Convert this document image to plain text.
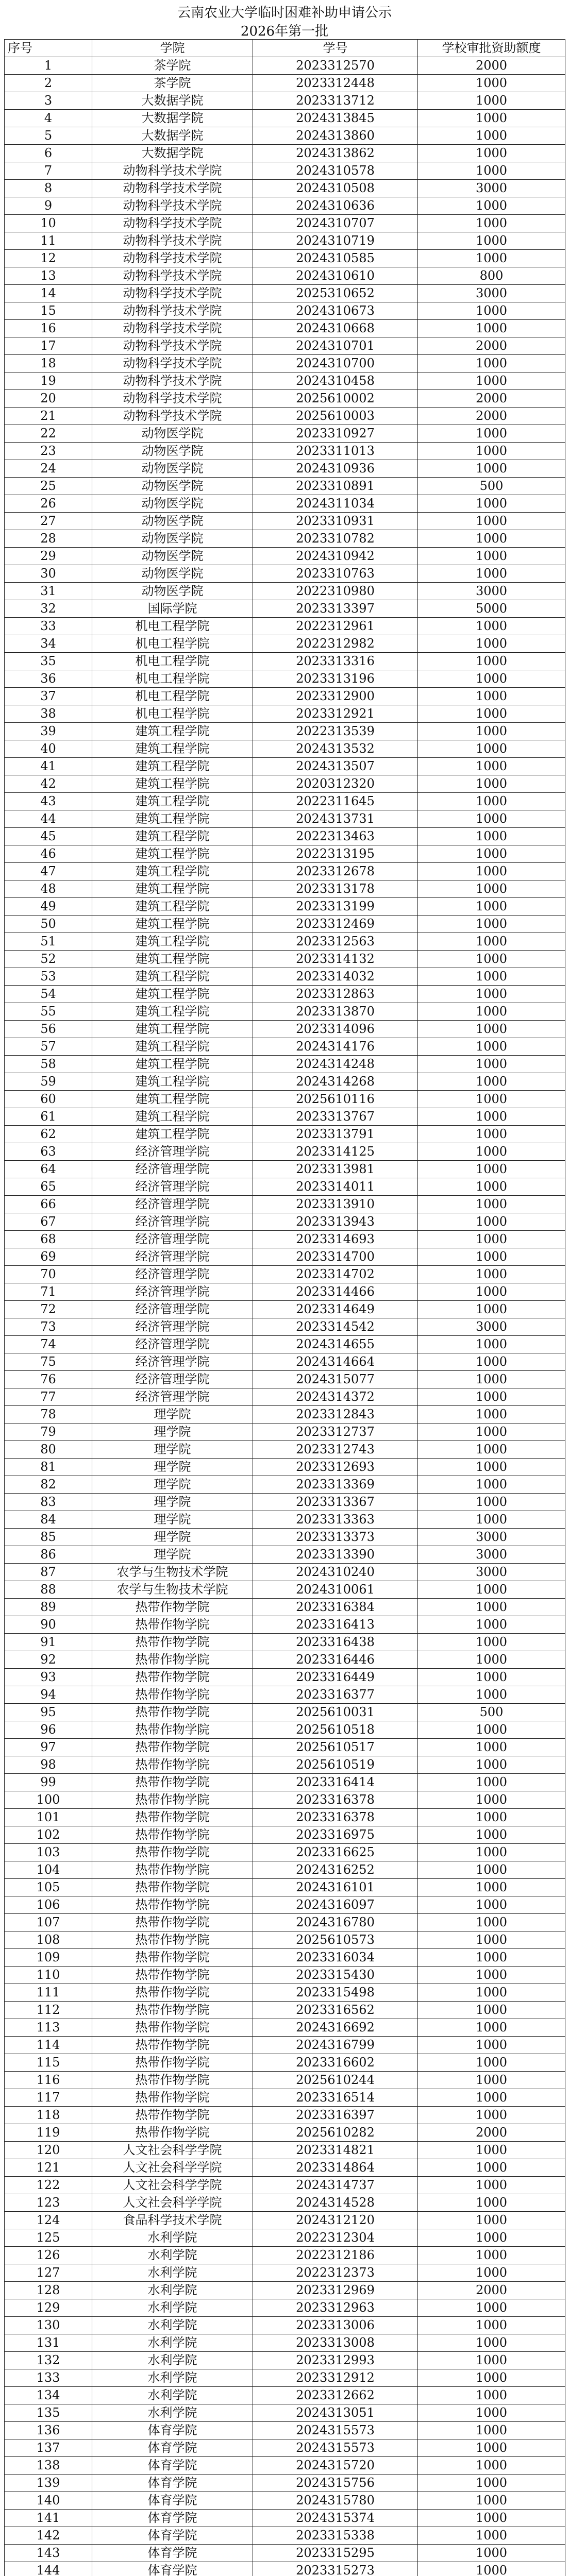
云南农业大学临时困难补助申请公示
2026年第一批
序号	学院	学号	学校审批资助额度
1	茶学院	2023312570	2000
2	茶学院	2023312448	1000
3	大数据学院	2023313712	1000
4	大数据学院	2024313845	1000
5	大数据学院	2024313860	1000
6	大数据学院	2024313862	1000
7	动物科学技术学院	2024310578	1000
8	动物科学技术学院	2024310508	3000
9	动物科学技术学院	2024310636	1000
10	动物科学技术学院	2024310707	1000
11	动物科学技术学院	2024310719	1000
12	动物科学技术学院	2024310585	1000
13	动物科学技术学院	2024310610	800
14	动物科学技术学院	2025310652	3000
15	动物科学技术学院	2024310673	1000
16	动物科学技术学院	2024310668	1000
17	动物科学技术学院	2024310701	2000
18	动物科学技术学院	2024310700	1000
19	动物科学技术学院	2024310458	1000
20	动物科学技术学院	2025610002	2000
21	动物科学技术学院	2025610003	2000
22	动物医学院	2023310927	1000
23	动物医学院	2023311013	1000
24	动物医学院	2024310936	1000
25	动物医学院	2023310891	500
26	动物医学院	2024311034	1000
27	动物医学院	2023310931	1000
28	动物医学院	2023310782	1000
29	动物医学院	2024310942	1000
30	动物医学院	2023310763	1000
31	动物医学院	2022310980	3000
32	国际学院	2023313397	5000
33	机电工程学院	2022312961	1000
34	机电工程学院	2022312982	1000
35	机电工程学院	2023313316	1000
36	机电工程学院	2023313196	1000
37	机电工程学院	2023312900	1000
38	机电工程学院	2023312921	1000
39	建筑工程学院	2022313539	1000
40	建筑工程学院	2024313532	1000
41	建筑工程学院	2024313507	1000
42	建筑工程学院	2020312320	1000
43	建筑工程学院	2022311645	1000
44	建筑工程学院	2024313731	1000
45	建筑工程学院	2022313463	1000
46	建筑工程学院	2022313195	1000
47	建筑工程学院	2023312678	1000
48	建筑工程学院	2023313178	1000
49	建筑工程学院	2023313199	1000
50	建筑工程学院	2023312469	1000
51	建筑工程学院	2023312563	1000
52	建筑工程学院	2023314132	1000
53	建筑工程学院	2023314032	1000
54	建筑工程学院	2023312863	1000
55	建筑工程学院	2023313870	1000
56	建筑工程学院	2023314096	1000
57	建筑工程学院	2024314176	1000
58	建筑工程学院	2024314248	1000
59	建筑工程学院	2024314268	1000
60	建筑工程学院	2025610116	1000
61	建筑工程学院	2023313767	1000
62	建筑工程学院	2023313791	1000
63	经济管理学院	2023314125	1000
64	经济管理学院	2023313981	1000
65	经济管理学院	2023314011	1000
66	经济管理学院	2023313910	1000
67	经济管理学院	2023313943	1000
68	经济管理学院	2023314693	1000
69	经济管理学院	2023314700	1000
70	经济管理学院	2023314702	1000
71	经济管理学院	2023314466	1000
72	经济管理学院	2023314649	1000
73	经济管理学院	2023314542	3000
74	经济管理学院	2024314655	1000
75	经济管理学院	2024314664	1000
76	经济管理学院	2024315077	1000
77	经济管理学院	2024314372	1000
78	理学院	2023312843	1000
79	理学院	2023312737	1000
80	理学院	2023312743	1000
81	理学院	2023312693	1000
82	理学院	2023313369	1000
83	理学院	2023313367	1000
84	理学院	2023313363	1000
85	理学院	2023313373	3000
86	理学院	2023313390	3000
87	农学与生物技术学院	2024310240	3000
88	农学与生物技术学院	2024310061	1000
89	热带作物学院	2023316384	1000
90	热带作物学院	2023316413	1000
91	热带作物学院	2023316438	1000
92	热带作物学院	2023316446	1000
93	热带作物学院	2023316449	1000
94	热带作物学院	2023316377	1000
95	热带作物学院	2025610031	500
96	热带作物学院	2025610518	1000
97	热带作物学院	2025610517	1000
98	热带作物学院	2025610519	1000
99	热带作物学院	2023316414	1000
100	热带作物学院	2023316378	1000
101	热带作物学院	2023316378	1000
102	热带作物学院	2023316975	1000
103	热带作物学院	2023316625	1000
104	热带作物学院	2024316252	1000
105	热带作物学院	2024316101	1000
106	热带作物学院	2024316097	1000
107	热带作物学院	2024316780	1000
108	热带作物学院	2025610573	1000
109	热带作物学院	2023316034	1000
110	热带作物学院	2023315430	1000
111	热带作物学院	2023315498	1000
112	热带作物学院	2023316562	1000
113	热带作物学院	2024316692	1000
114	热带作物学院	2024316799	1000
115	热带作物学院	2023316602	1000
116	热带作物学院	2025610244	1000
117	热带作物学院	2023316514	1000
118	热带作物学院	2023316397	1000
119	热带作物学院	2025610282	2000
120	人文社会科学学院	2023314821	1000
121	人文社会科学学院	2023314864	1000
122	人文社会科学学院	2024314737	1000
123	人文社会科学学院	2024314528	1000
124	食品科学技术学院	2024312120	1000
125	水利学院	2022312304	1000
126	水利学院	2022312186	1000
127	水利学院	2022312373	1000
128	水利学院	2023312969	2000
129	水利学院	2023312963	1000
130	水利学院	2023313006	1000
131	水利学院	2023313008	1000
132	水利学院	2023312993	1000
133	水利学院	2023312912	1000
134	水利学院	2023312662	1000
135	水利学院	2024313051	1000
136	体育学院	2024315573	1000
137	体育学院	2024315573	1000
138	体育学院	2024315720	1000
139	体育学院	2024315756	1000
140	体育学院	2024315780	1000
141	体育学院	2024315374	1000
142	体育学院	2023315338	1000
143	体育学院	2023315295	1000
144	体育学院	2023315273	1000
